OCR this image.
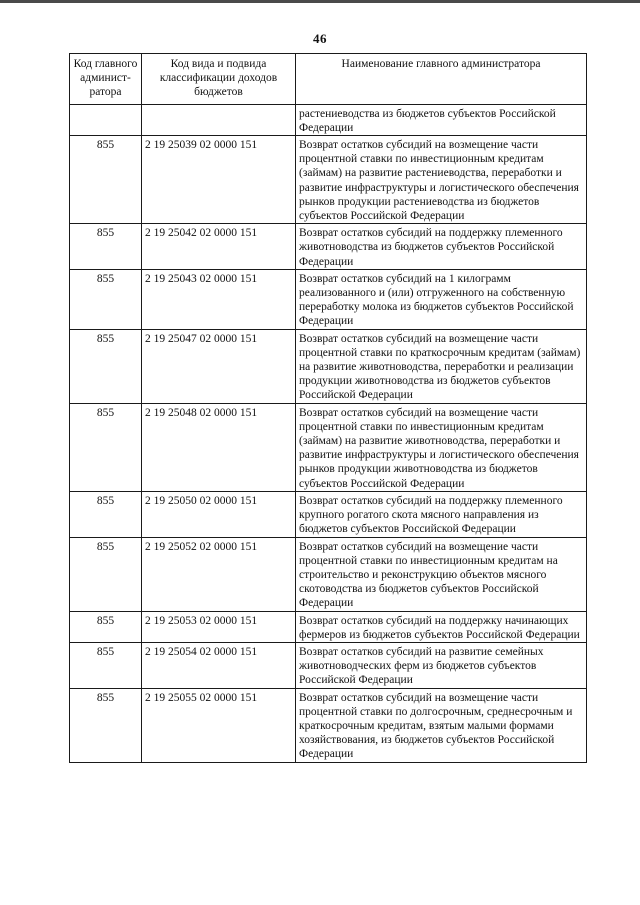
46
Код главного админист-ратора	Код вида и подвида классификации доходов бюджетов	Наименование главного администратора
		растениеводства из бюджетов субъектов Российской Федерации
855	2 19 25039 02 0000 151	Возврат остатков субсидий на возмещение части процентной ставки по инвестиционным кредитам (займам) на развитие растениеводства, переработки и развитие инфраструктуры и логистического обеспечения рынков продукции растениеводства из бюджетов субъектов Российской Федерации
855	2 19 25042 02 0000 151	Возврат остатков субсидий на поддержку племенного животноводства из бюджетов субъектов Российской Федерации
855	2 19 25043 02 0000 151	Возврат остатков субсидий на 1 килограмм реализованного и (или) отгруженного на собственную переработку молока из бюджетов субъектов Российской Федерации
855	2 19 25047 02 0000 151	Возврат остатков субсидий на возмещение части процентной ставки по краткосрочным кредитам (займам) на развитие животноводства, переработки и реализации продукции животноводства из бюджетов субъектов Российской Федерации
855	2 19 25048 02 0000 151	Возврат остатков субсидий на возмещение части процентной ставки по инвестиционным кредитам (займам) на развитие животноводства, переработки и развитие инфраструктуры и логистического обеспечения рынков продукции животноводства из бюджетов субъектов Российской Федерации
855	2 19 25050 02 0000 151	Возврат остатков субсидий на поддержку племенного крупного рогатого скота мясного направления из бюджетов субъектов Российской Федерации
855	2 19 25052 02 0000 151	Возврат остатков субсидий на возмещение части процентной ставки по инвестиционным кредитам на строительство и реконструкцию объектов мясного скотоводства из бюджетов субъектов Российской Федерации
855	2 19 25053 02 0000 151	Возврат остатков субсидий на поддержку начинающих фермеров из бюджетов субъектов Российской Федерации
855	2 19 25054 02 0000 151	Возврат остатков субсидий на развитие семейных животноводческих ферм из бюджетов субъектов Российской Федерации
855	2 19 25055 02 0000 151	Возврат остатков субсидий на возмещение части процентной ставки по долгосрочным, среднесрочным и краткосрочным кредитам, взятым малыми формами хозяйствования, из бюджетов субъектов Российской Федерации
